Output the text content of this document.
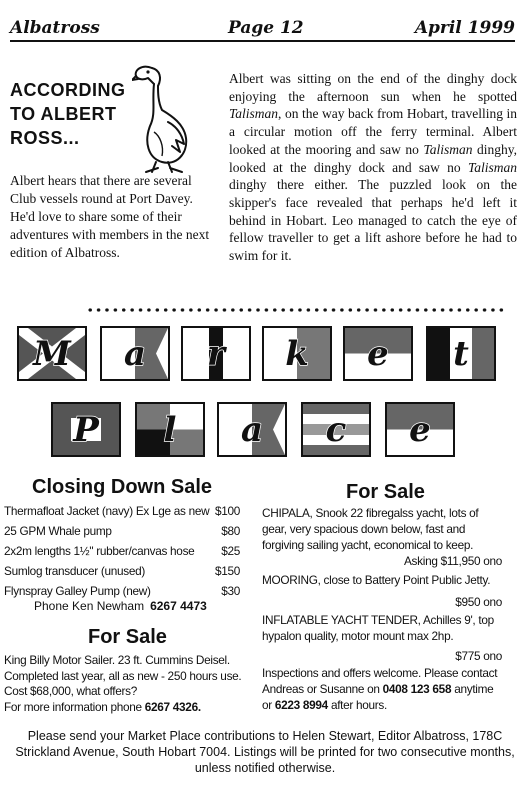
Albatross	Page 12	April 1999
ACCORDING
TO ALBERT
ROSS...
Albert hears that there are several Club vessels round at Port Davey. He'd love to share some of their adventures with members in the next edition of Albatross.
Albert was sitting on the end of the dinghy dock enjoying the afternoon sun when he spotted Talisman, on the way back from Hobart, travelling in a circular motion off the ferry terminal. Albert looked at the mooring and saw no Talisman dinghy, looked at the dinghy dock and saw no Talisman dinghy there either. The puzzled look on the skipper's face revealed that perhaps he'd left it behind in Hobart. Leo managed to catch the eye of fellow traveller to get a lift ashore before he had to swim for it.
M	a	r	k	e	t
P	l	a	c	e
Closing Down Sale
Thermafloat Jacket (navy) Ex Lge as new $100
25 GPM Whale pump	$80
2x2m lengths 1½" rubber/canvas hose $25
Sumlog transducer (unused)	$150
Flynspray Galley Pump (new)	$30
Phone Ken Newham 6267 4473
For Sale
King Billy Motor Sailer. 23 ft. Cummins Deisel. Completed last year, all as new - 250 hours use. Cost $68,000, what offers?
For more information phone 6267 4326.
For Sale
CHIPALA, Snook 22 fibregalss yacht, lots of gear, very spacious down below, fast and forgiving sailing yacht, economical to keep.
Asking $11,950 ono
MOORING, close to Battery Point Public Jetty.
$950 ono
INFLATABLE YACHT TENDER, Achilles 9', top hypalon quality, motor mount max 2hp.
$775 ono
Inspections and offers welcome. Please contact Andreas or Susanne on 0408 123 658 anytime or 6223 8994 after hours.
Please send your Market Place contributions to Helen Stewart, Editor Albatross, 178C Strickland Avenue, South Hobart 7004. Listings will be printed for two consecutive months, unless notified otherwise.
